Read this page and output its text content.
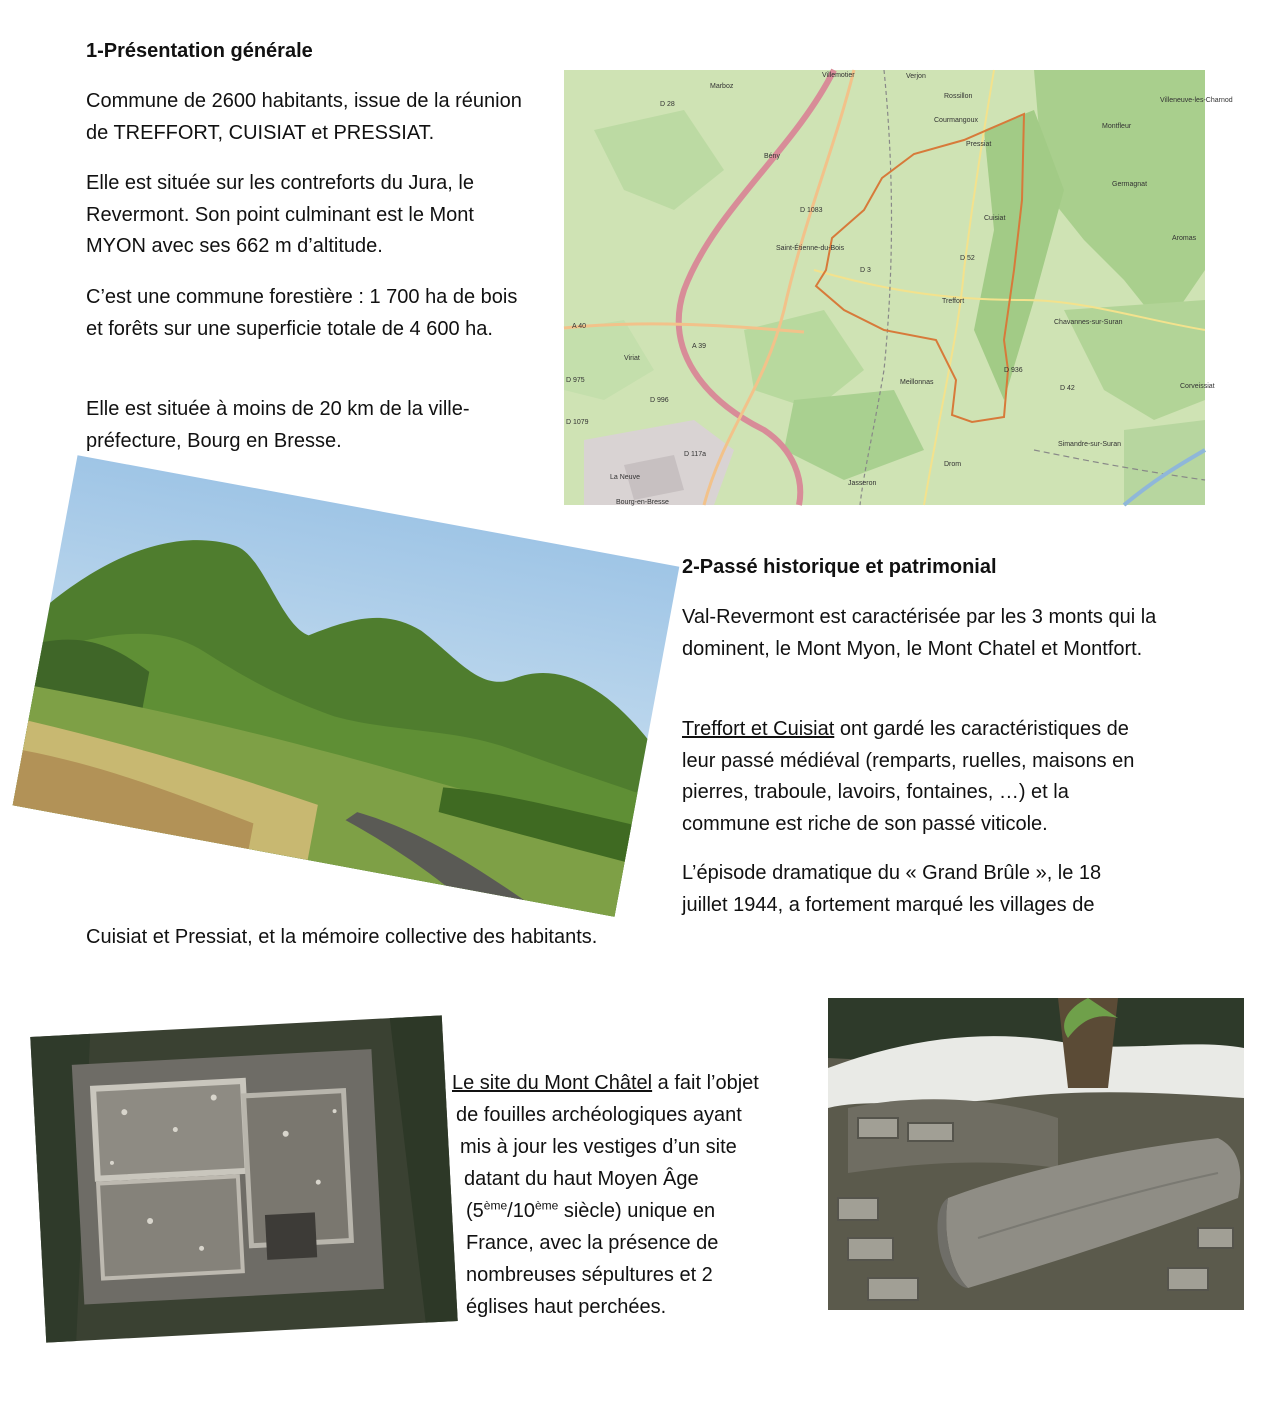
1-Présentation générale

Commune de 2600 habitants, issue de la réunion de TREFFORT, CUISIAT et PRESSIAT.

Elle est située sur les contreforts du Jura, le Revermont. Son point culminant est le Mont MYON avec ses 662 m d’altitude.

C’est une commune forestière : 1 700 ha de bois et forêts sur une superficie totale de 4 600 ha.

Elle est située à moins de 20 km de la ville-préfecture, Bourg en Bresse.

Villemotier	Verjon
Marboz
D 28
Rossillon
Villeneuve-les-Charnod
Courmangoux
Pressiat
Montfleur
Bény
Germagnat
D 1083
Cuisiat
Aromas
Saint-Étienne-du-Bois
D 52
D 3
A 40
Treffort
Chavannes-sur-Suran
A 39
Viriat
D 936
D 975	Meillonnas
D 42	Corveissiat
D 996
D 1079
Simandre-sur-Suran
D 117a
Drom
La Neuve
Jasseron
Bourg-en-Bresse
2-Passé historique et patrimonial

Val-Revermont est caractérisée par les 3 monts qui la dominent, le Mont Myon, le Mont Chatel et Montfort.

Treffort et Cuisiat ont gardé les caractéristiques de leur passé médiéval (remparts, ruelles, maisons en pierres, traboule, lavoirs, fontaines, …) et la commune est riche de son passé viticole.

L’épisode dramatique du « Grand Brûle », le 18
juillet 1944, a fortement marqué les villages de
Cuisiat et Pressiat, et la mémoire collective des habitants.
Le site du Mont Châtel a fait l’objet
de fouilles archéologiques ayant
mis à jour les vestiges d’un site
datant du haut Moyen Âge
(5ème/10ème siècle) unique en
France, avec la présence de
nombreuses sépultures et 2
églises haut perchées.
